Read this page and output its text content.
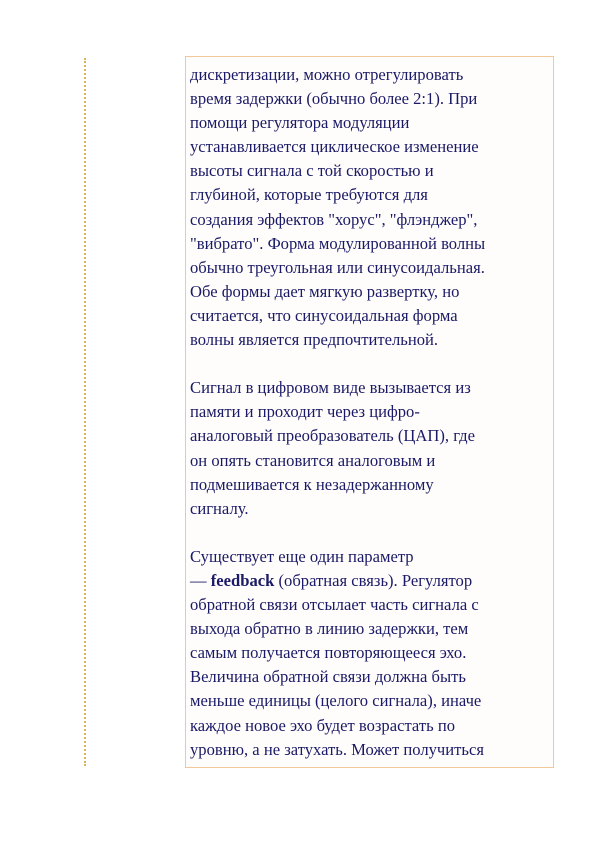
дискретизации, можно отрегулировать
время задержки (обычно более 2:1). При
помощи регулятора модуляции
устанавливается циклическое изменение
высоты сигнала с той скоростью и
глубиной, которые требуются для
создания эффектов "хорус", "флэнджер",
"вибрато". Форма модулированной волны
обычно треугольная или синусоидальная.
Обе формы дает мягкую развертку, но
считается, что синусоидальная форма
волны является предпочтительной.

Сигнал в цифровом виде вызывается из
памяти и проходит через цифро-
аналоговый преобразователь (ЦАП), где
он опять становится аналоговым и
подмешивается к незадержанному
сигналу.

Существует еще один параметр
— feedback (обратная связь). Регулятор
обратной связи отсылает часть сигнала с
выхода обратно в линию задержки, тем
самым получается повторяющееся эхо.
Величина обратной связи должна быть
меньше единицы (целого сигнала), иначе
каждое новое эхо будет возрастать по
уровню, а не затухать. Может получиться
